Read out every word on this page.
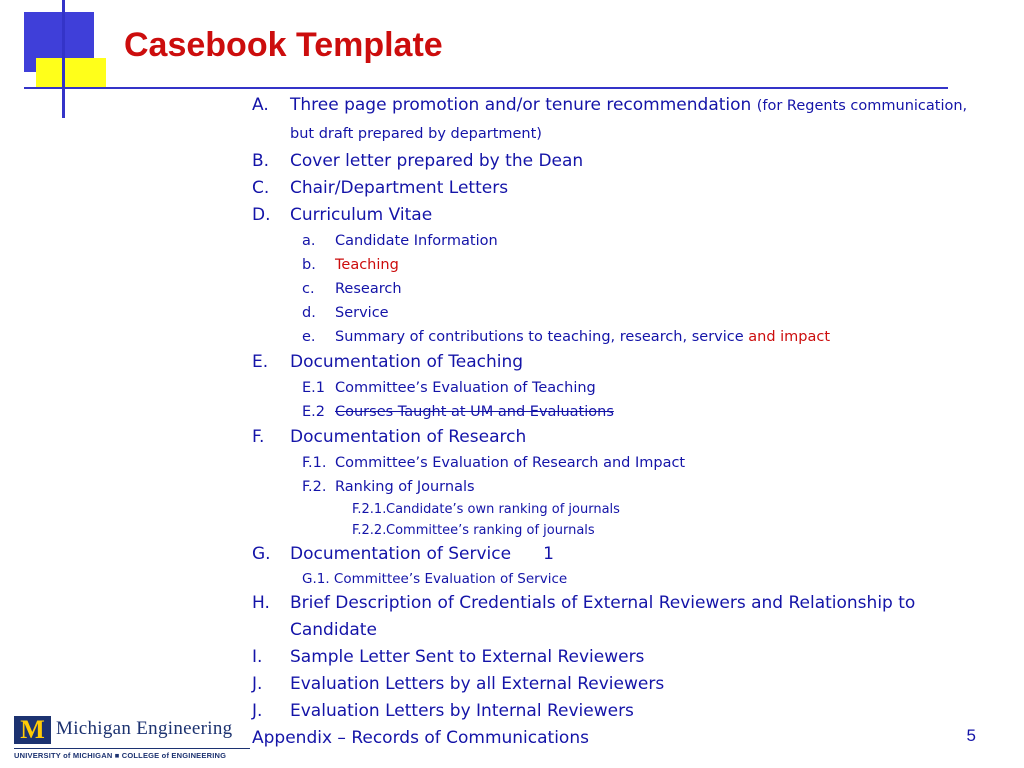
Casebook Template
A. Three page promotion and/or tenure recommendation (for Regents communication, but draft prepared by department)
B. Cover letter prepared by the Dean
C. Chair/Department Letters
D. Curriculum Vitae
a. Candidate Information
b. Teaching
c. Research
d. Service
e. Summary of contributions to teaching, research, service and impact
E. Documentation of Teaching
E.1 Committee’s Evaluation of Teaching
E.2 Courses Taught at UM and Evaluations
F. Documentation of Research
F.1. Committee’s Evaluation of Research and Impact
F.2. Ranking of Journals
F.2.1. Candidate’s own ranking of journals
F.2.2. Committee’s ranking of journals
G. Documentation of Service 1
G.1. Committee’s Evaluation of Service
H. Brief Description of Credentials of External Reviewers and Relationship to Candidate
I. Sample Letter Sent to External Reviewers
J. Evaluation Letters by all External Reviewers
J. Evaluation Letters by Internal Reviewers
Appendix – Records of Communications
M Michigan Engineering
UNIVERSITY of MICHIGAN ■ COLLEGE of ENGINEERING
5
